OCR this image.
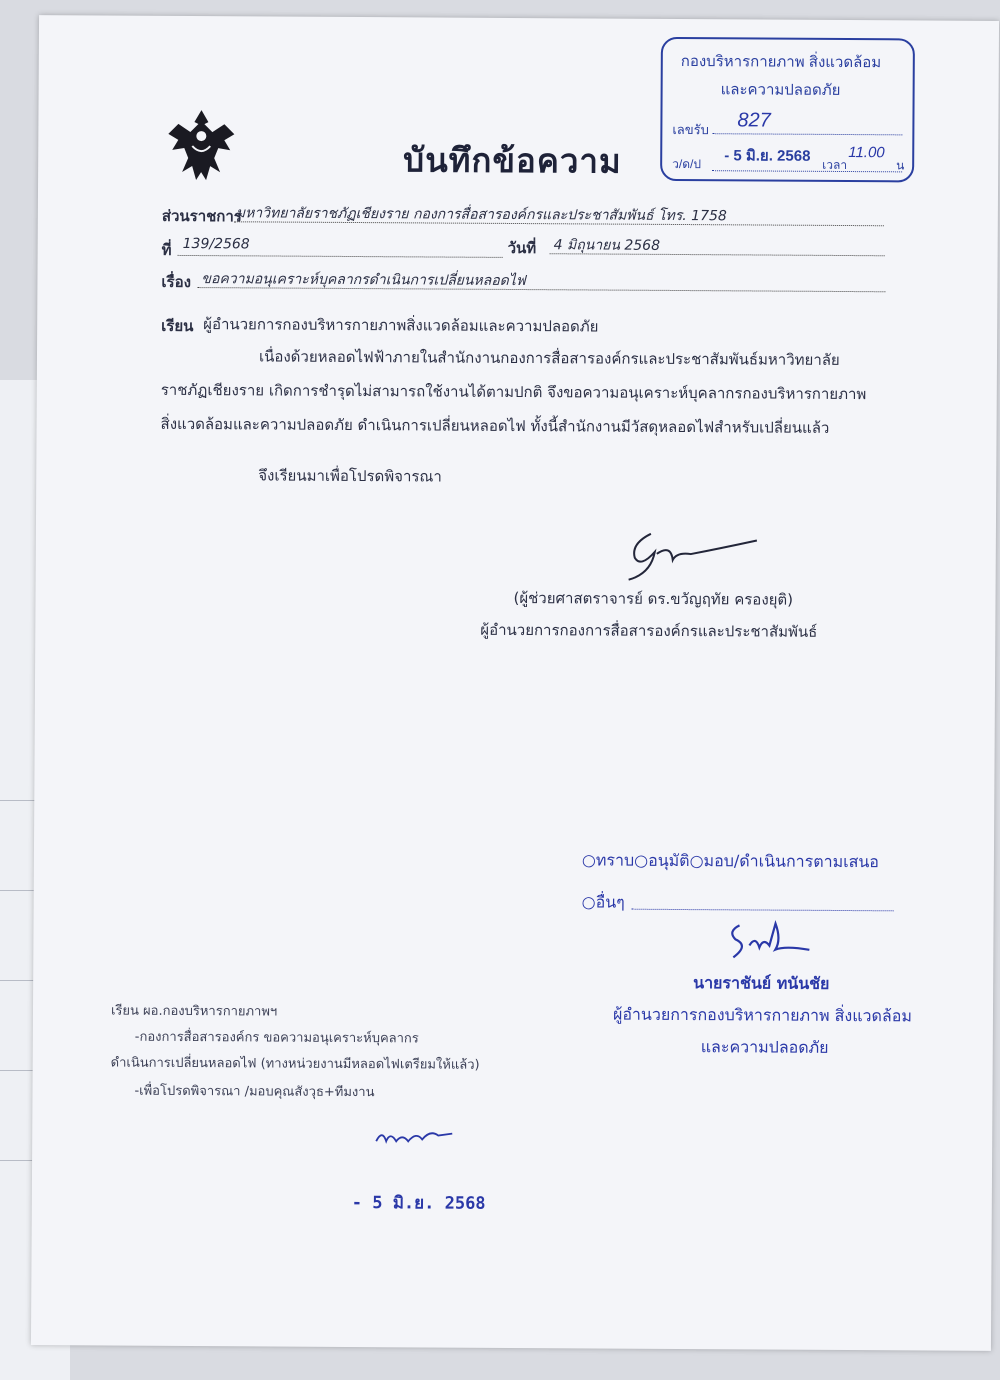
กองบริหารกายภาพ สิ่งแวดล้อม
และความปลอดภัย
เลขรับ 827
ว/ด/ป - 5 มิ.ย. 2568
เวลา
11.00
น
บันทึกข้อความ
ส่วนราชการ
มหาวิทยาลัยราชภัฏเชียงราย กองการสื่อสารองค์กรและประชาสัมพันธ์ โทร. 1758
ที่ 139/2568	วันที่ 4 มิถุนายน 2568
เรื่อง ขอความอนุเคราะห์บุคลากรดำเนินการเปลี่ยนหลอดไฟ
เรียน ผู้อำนวยการกองบริหารกายภาพสิ่งแวดล้อมและความปลอดภัย
เนื่องด้วยหลอดไฟฟ้าภายในสำนักงานกองการสื่อสารองค์กรและประชาสัมพันธ์มหาวิทยาลัย
ราชภัฏเชียงราย เกิดการชำรุดไม่สามารถใช้งานได้ตามปกติ จึงขอความอนุเคราะห์บุคลากรกองบริหารกายภาพ
สิ่งแวดล้อมและความปลอดภัย ดำเนินการเปลี่ยนหลอดไฟ ทั้งนี้สำนักงานมีวัสดุหลอดไฟสำหรับเปลี่ยนแล้ว
จึงเรียนมาเพื่อโปรดพิจารณา
(ผู้ช่วยศาสตราจารย์ ดร.ขวัญฤทัย ครองยุติ)
ผู้อำนวยการกองการสื่อสารองค์กรและประชาสัมพันธ์
○ทราบ○อนุมัติ○มอบ/ดำเนินการตามเสนอ
○อื่นๆ
นายราชันย์ ทนันชัย
ผู้อำนวยการกองบริหารกายภาพ สิ่งแวดล้อม
และความปลอดภัย
เรียน ผอ.กองบริหารกายภาพฯ
-กองการสื่อสารองค์กร ขอความอนุเคราะห์บุคลากร
ดำเนินการเปลี่ยนหลอดไฟ (ทางหน่วยงานมีหลอดไฟเตรียมให้แล้ว)
-เพื่อโปรดพิจารณา /มอบคุณสังวุธ+ทีมงาน
- 5 มิ.ย. 2568
